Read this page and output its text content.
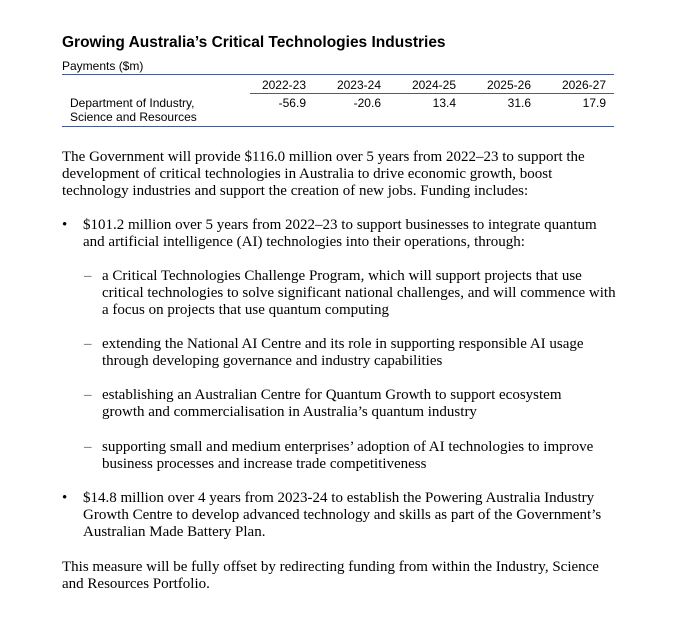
Growing Australia’s Critical Technologies Industries
Payments ($m)
2022-23	2023-24	2024-25	2025-26	2026-27
Department of Industry,
Science and Resources
-56.9	-20.6	13.4	31.6	17.9
The Government will provide $116.0 million over 5 years from 2022–23 to support the
development of critical technologies in Australia to drive economic growth, boost
technology industries and support the creation of new jobs. Funding includes:
• $101.2 million over 5 years from 2022–23 to support businesses to integrate quantum
and artificial intelligence (AI) technologies into their operations, through:
– a Critical Technologies Challenge Program, which will support projects that use
critical technologies to solve significant national challenges, and will commence with
a focus on projects that use quantum computing
– extending the National AI Centre and its role in supporting responsible AI usage
through developing governance and industry capabilities
– establishing an Australian Centre for Quantum Growth to support ecosystem
growth and commercialisation in Australia’s quantum industry
– supporting small and medium enterprises’ adoption of AI technologies to improve
business processes and increase trade competitiveness
• $14.8 million over 4 years from 2023-24 to establish the Powering Australia Industry
Growth Centre to develop advanced technology and skills as part of the Government’s
Australian Made Battery Plan.
This measure will be fully offset by redirecting funding from within the Industry, Science
and Resources Portfolio.
